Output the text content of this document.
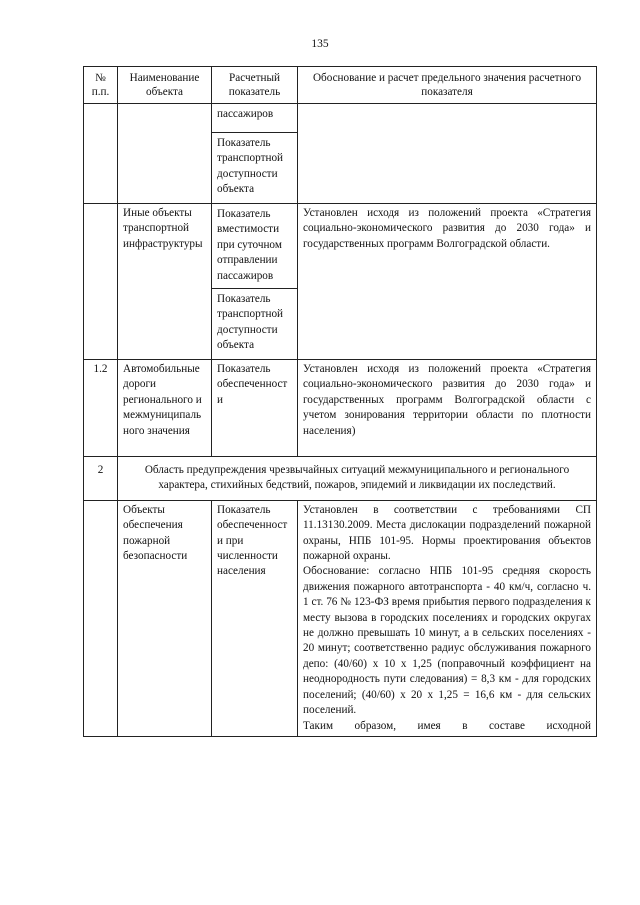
135
№ п.п.	Наименование объекта	Расчетный показатель	Обоснование и расчет предельного значения расчетного показателя
		пассажиров	
		Показатель транспортной доступности объекта	
	Иные объекты транспортной инфраструктуры	Показатель вместимости при суточном отправлении пассажиров	Установлен исходя из положений проекта «Стратегия социально-экономического развития до 2030 года» и государственных программ Волгоградской области.
		Показатель транспортной доступности объекта	
1.2	Автомобильные дороги регионального и межмуниципаль ного значения	Показатель обеспеченност и	Установлен исходя из положений проекта «Стратегия социально-экономического развития до 2030 года» и государственных программ Волгоградской области с учетом зонирования территории области по плотности населения)
2	Область предупреждения чрезвычайных ситуаций межмуниципального и регионального характера, стихийных бедствий, пожаров, эпидемий и ликвидации их последствий.		
	Объекты обеспечения пожарной безопасности	Показатель обеспеченност и при численности населения	Установлен в соответствии с требованиями СП 11.13130.2009. Места дислокации подразделений пожарной охраны, НПБ 101-95. Нормы проектирования объектов пожарной охраны.
Обоснование: согласно НПБ 101-95 средняя скорость движения пожарного автотранспорта - 40 км/ч, согласно ч. 1 ст. 76 № 123-ФЗ время прибытия первого подразделения к месту вызова в городских поселениях и городских округах не должно превышать 10 минут, а в сельских поселениях - 20 минут; соответственно радиус обслуживания пожарного депо: (40/60) х 10 х 1,25 (поправочный коэффициент на неоднородность пути следования) = 8,3 км - для городских поселений; (40/60) х 20 х 1,25 = 16,6 км - для сельских поселений.
Таким образом, имея в составе исходной
